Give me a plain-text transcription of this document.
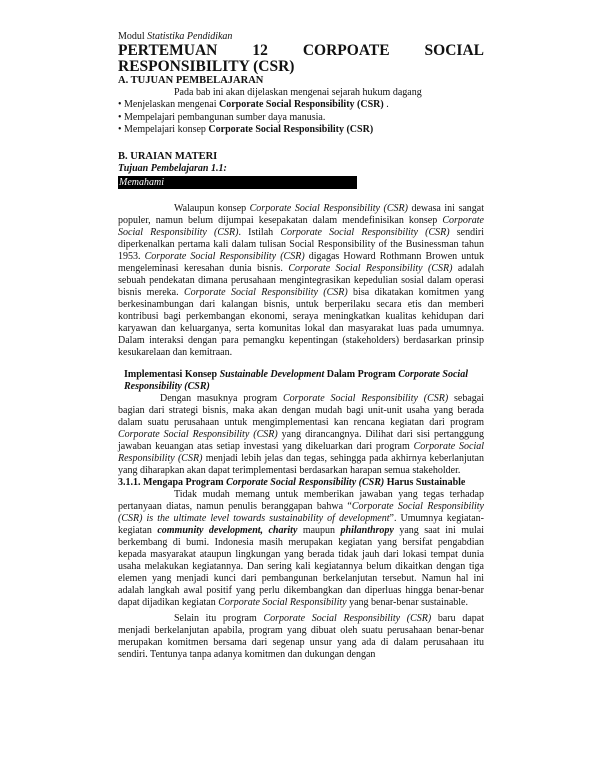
Modul Statistika Pendidikan
PERTEMUAN 12 CORPOATE SOCIAL
RESPONSIBILITY (CSR)
A. TUJUAN PEMBELAJARAN
Pada bab ini akan dijelaskan mengenai sejarah hukum dagang
• Menjelaskan mengenai Corporate Social Responsibility (CSR) .
• Mempelajari pembangunan sumber daya manusia.
• Mempelajari konsep Corporate Social Responsibility (CSR)
B. URAIAN MATERI
Tujuan Pembelajaran 1.1:
Memahami
Walaupun konsep Corporate Social Responsibility (CSR) dewasa ini sangat populer, namun belum dijumpai kesepakatan dalam mendefinisikan konsep Corporate Social Responsibility (CSR). Istilah Corporate Social Responsibility (CSR) sendiri diperkenalkan pertama kali dalam tulisan Social Responsibility of the Businessman tahun 1953. Corporate Social Responsibility (CSR) digagas Howard Rothmann Browen untuk mengeleminasi keresahan dunia bisnis. Corporate Social Responsibility (CSR) adalah sebuah pendekatan dimana perusahaan mengintegrasikan kepedulian sosial dalam operasi bisnis mereka. Corporate Social Responsibility (CSR) bisa dikatakan komitmen yang berkesinambungan dari kalangan bisnis, untuk berperilaku secara etis dan memberi kontribusi bagi perkembangan ekonomi, seraya meningkatkan kualitas kehidupan dari karyawan dan keluarganya, serta komunitas lokal dan masyarakat luas pada umumnya. Dalam interaksi dengan para pemangku kepentingan (stakeholders) berdasarkan prinsip kesukarelaan dan kemitraan.
Implementasi Konsep Sustainable Development Dalam Program Corporate Social Responsibility (CSR)
Dengan masuknya program Corporate Social Responsibility (CSR) sebagai bagian dari strategi bisnis, maka akan dengan mudah bagi unit-unit usaha yang berada dalam suatu perusahaan untuk mengimplementasi kan rencana kegiatan dari program Corporate Social Responsibility (CSR) yang dirancangnya. Dilihat dari sisi pertanggung jawaban keuangan atas setiap investasi yang dikeluarkan dari program Corporate Social Responsibility (CSR) menjadi lebih jelas dan tegas, sehingga pada akhirnya keberlanjutan yang diharapkan akan dapat terimplementasi berdasarkan harapan semua stakeholder.
3.1.1. Mengapa Program Corporate Social Responsibility (CSR) Harus Sustainable
Tidak mudah memang untuk memberikan jawaban yang tegas terhadap pertanyaan diatas, namun penulis beranggapan bahwa “Corporate Social Responsibility (CSR) is the ultimate level towards sustainability of development”. Umumnya kegiatan-kegiatan community development, charity maupun philanthropy yang saat ini mulai berkembang di bumi. Indonesia masih merupakan kegiatan yang bersifat pengabdian kepada masyarakat ataupun lingkungan yang berada tidak jauh dari lokasi tempat dunia usaha melakukan kegiatannya. Dan sering kali kegiatannya belum dikaitkan dengan tiga elemen yang menjadi kunci dari pembangunan berkelanjutan tersebut. Namun hal ini adalah langkah awal positif yang perlu dikembangkan dan diperluas hingga benar-benar dapat dijadikan kegiatan Corporate Social Responsibility yang benar-benar sustainable.
Selain itu program Corporate Social Responsibility (CSR) baru dapat menjadi berkelanjutan apabila, program yang dibuat oleh suatu perusahaan benar-benar merupakan komitmen bersama dari segenap unsur yang ada di dalam perusahaan itu sendiri. Tentunya tanpa adanya komitmen dan dukungan dengan
